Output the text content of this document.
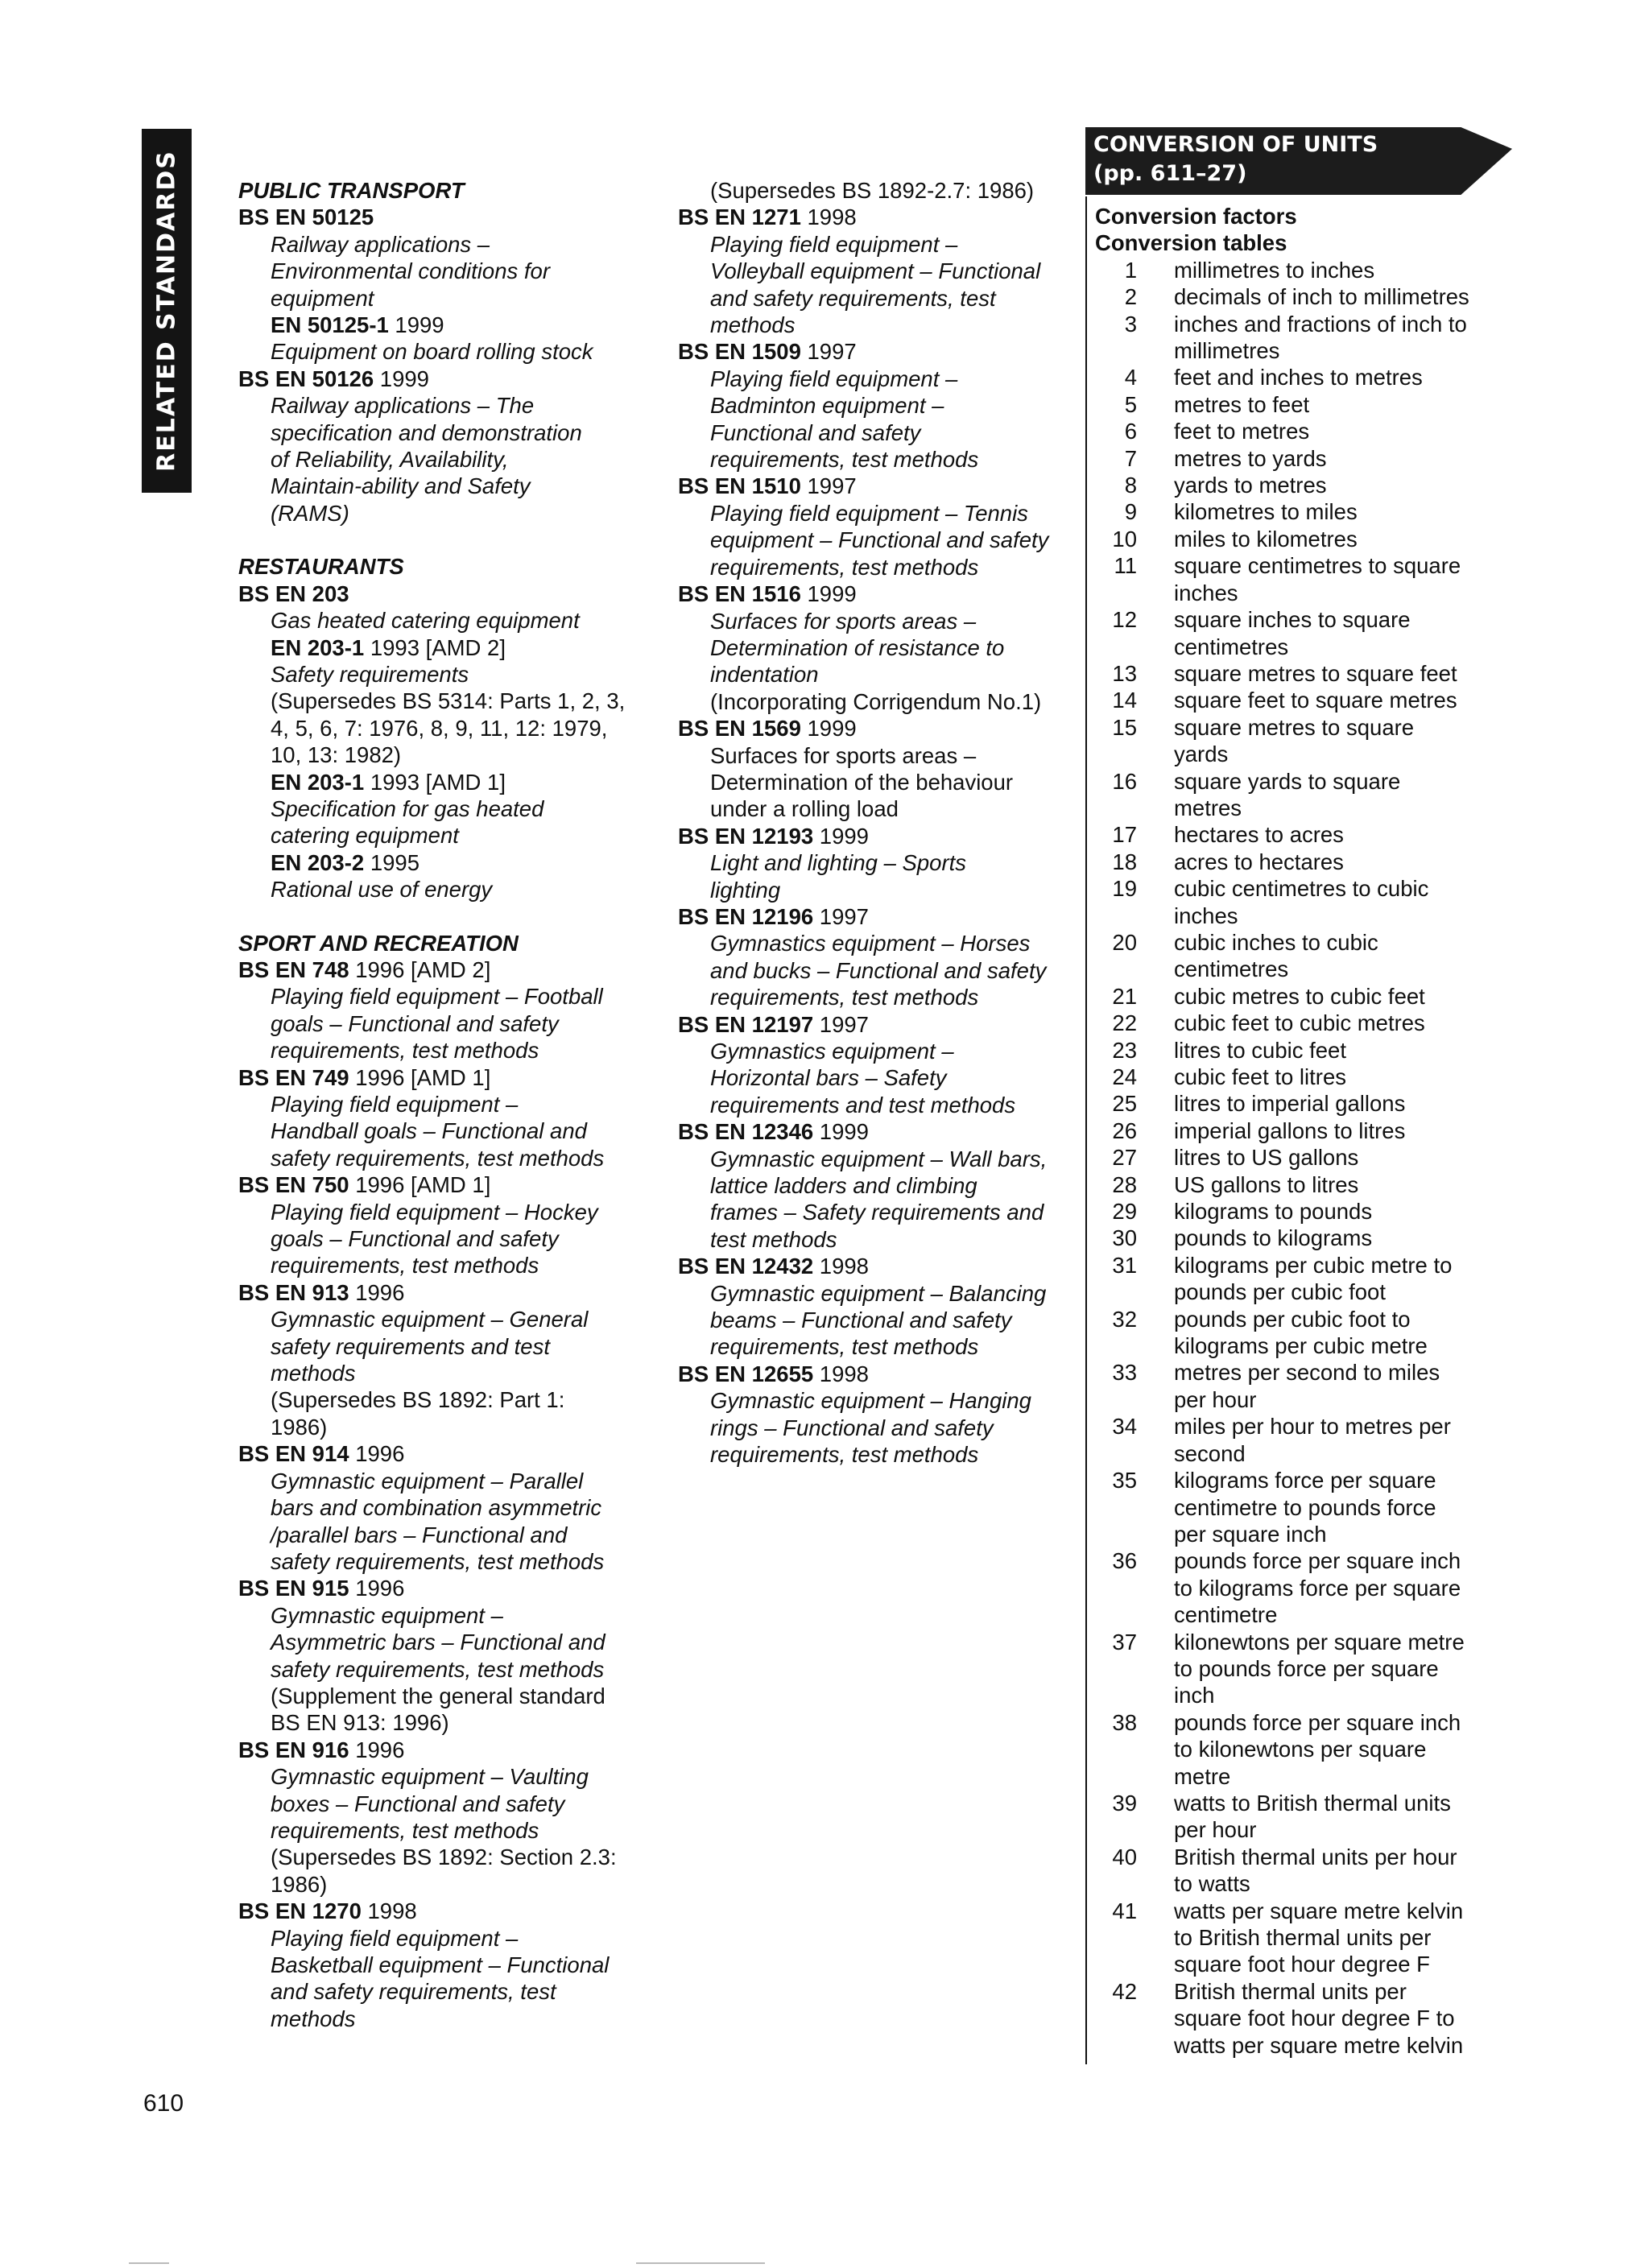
RELATED STANDARDS	PUBLIC TRANSPORT
BS EN 50125
Railway applications –
Environmental conditions for
equipment
EN 50125-1 1999
Equipment on board rolling stock
BS EN 50126 1999
Railway applications – The
specification and demonstration
of Reliability, Availability,
Maintain-ability and Safety
(RAMS)
RESTAURANTS
BS EN 203
Gas heated catering equipment
EN 203-1 1993 [AMD 2]
Safety requirements
(Supersedes BS 5314: Parts 1, 2, 3,
4, 5, 6, 7: 1976, 8, 9, 11, 12: 1979,
10, 13: 1982)
EN 203-1 1993 [AMD 1]
Specification for gas heated
catering equipment
EN 203-2 1995
Rational use of energy
SPORT AND RECREATION
BS EN 748 1996 [AMD 2]
Playing field equipment – Football
goals – Functional and safety
requirements, test methods
BS EN 749 1996 [AMD 1]
Playing field equipment –
Handball goals – Functional and
safety requirements, test methods
BS EN 750 1996 [AMD 1]
Playing field equipment – Hockey
goals – Functional and safety
requirements, test methods
BS EN 913 1996
Gymnastic equipment – General
safety requirements and test
methods
(Supersedes BS 1892: Part 1:
1986)
BS EN 914 1996
Gymnastic equipment – Parallel
bars and combination asymmetric
/parallel bars – Functional and
safety requirements, test methods
BS EN 915 1996
Gymnastic equipment –
Asymmetric bars – Functional and
safety requirements, test methods
(Supplement the general standard
BS EN 913: 1996)
BS EN 916 1996
Gymnastic equipment – Vaulting
boxes – Functional and safety
requirements, test methods
(Supersedes BS 1892: Section 2.3:
1986)
BS EN 1270 1998
Playing field equipment –
Basketball equipment – Functional
and safety requirements, test
methods
(Supersedes BS 1892-2.7: 1986)
BS EN 1271 1998
Playing field equipment –
Volleyball equipment – Functional
and safety requirements, test
methods
BS EN 1509 1997
Playing field equipment –
Badminton equipment –
Functional and safety
requirements, test methods
BS EN 1510 1997
Playing field equipment – Tennis
equipment – Functional and safety
requirements, test methods
BS EN 1516 1999
Surfaces for sports areas –
Determination of resistance to
indentation
(Incorporating Corrigendum No.1)
BS EN 1569 1999
Surfaces for sports areas –
Determination of the behaviour
under a rolling load
BS EN 12193 1999
Light and lighting – Sports
lighting
BS EN 12196 1997
Gymnastics equipment – Horses
and bucks – Functional and safety
requirements, test methods
BS EN 12197 1997
Gymnastics equipment –
Horizontal bars – Safety
requirements and test methods
BS EN 12346 1999
Gymnastic equipment – Wall bars,
lattice ladders and climbing
frames – Safety requirements and
test methods
BS EN 12432 1998
Gymnastic equipment – Balancing
beams – Functional and safety
requirements, test methods
BS EN 12655 1998
Gymnastic equipment – Hanging
rings – Functional and safety
requirements, test methods
CONVERSION OF UNITS
(pp. 611–27)
Conversion factors
Conversion tables
1 millimetres to inches
2 decimals of inch to millimetres
3 inches and fractions of inch to
millimetres
4 feet and inches to metres
5 metres to feet
6 feet to metres
7 metres to yards
8 yards to metres
9 kilometres to miles
10 miles to kilometres
11 square centimetres to square
inches
12 square inches to square
centimetres
13 square metres to square feet
14 square feet to square metres
15 square metres to square
yards
16 square yards to square
metres
17 hectares to acres
18 acres to hectares
19 cubic centimetres to cubic
inches
20 cubic inches to cubic
centimetres
21 cubic metres to cubic feet
22 cubic feet to cubic metres
23 litres to cubic feet
24 cubic feet to litres
25 litres to imperial gallons
26 imperial gallons to litres
27 litres to US gallons
28 US gallons to litres
29 kilograms to pounds
30 pounds to kilograms
31 kilograms per cubic metre to
pounds per cubic foot
32 pounds per cubic foot to
kilograms per cubic metre
33 metres per second to miles
per hour
34 miles per hour to metres per
second
35 kilograms force per square
centimetre to pounds force
per square inch
36 pounds force per square inch
to kilograms force per square
centimetre
37 kilonewtons per square metre
to pounds force per square
inch
38 pounds force per square inch
to kilonewtons per square
metre
39 watts to British thermal units
per hour
40 British thermal units per hour
to watts
41 watts per square metre kelvin
to British thermal units per
square foot hour degree F
42 British thermal units per
square foot hour degree F to
watts per square metre kelvin
610
